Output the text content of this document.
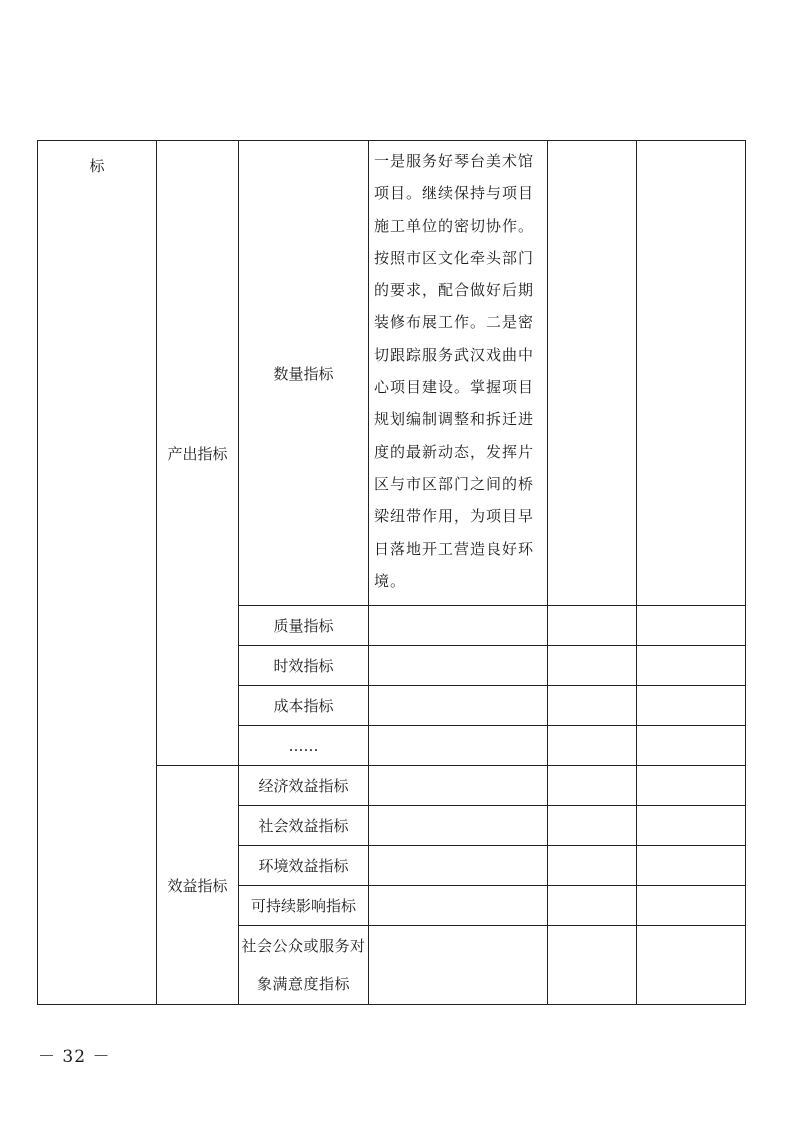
标	产出指标	数量指标	一是服务好琴台美术馆项目。继续保持与项目施工单位的密切协作。按照市区文化牵头部门的要求，配合做好后期装修布展工作。二是密切跟踪服务武汉戏曲中心项目建设。掌握项目规划编制调整和拆迁进度的最新动态，发挥片区与市区部门之间的桥梁纽带作用，为项目早日落地开工营造良好环境。		
		质量指标			
		时效指标			
		成本指标			
		……			
	效益指标	经济效益指标			
		社会效益指标			
		环境效益指标			
		可持续影响指标			
		社会公众或服务对象满意度指标			
－ 32 －
